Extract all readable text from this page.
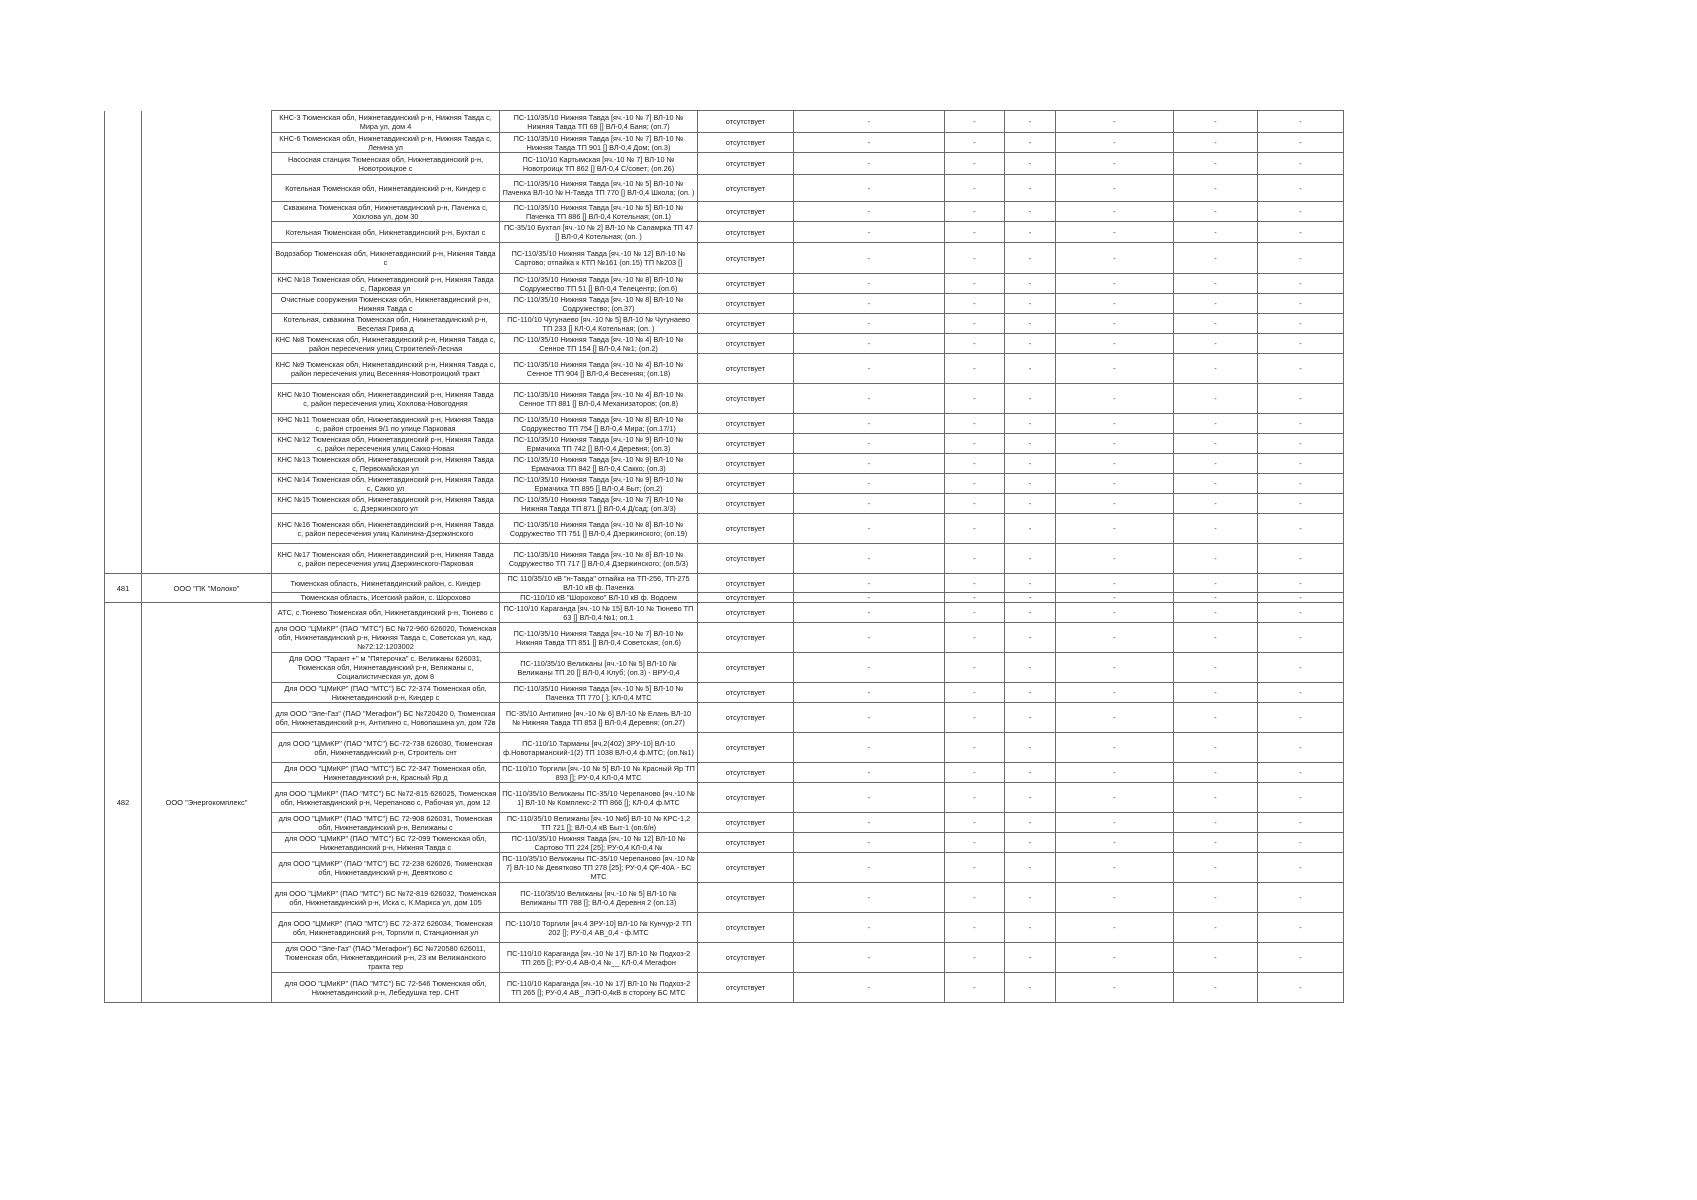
		КНС-3 Тюменская обл, Нижнетавдинский р-н, Нижняя Тавда с, Мира ул, дом 4	ПС-110/35/10 Нижняя Тавда [яч.-10 № 7] ВЛ-10 № Нижняя Тавда ТП 69 [] ВЛ-0,4 Баня; (оп.7)	отсутствует	-	-	-	-	-	-
		КНС-6 Тюменская обл, Нижнетавдинский р-н, Нижняя Тавда с, Ленина ул	ПС-110/35/10 Нижняя Тавда [яч.-10 № 7] ВЛ-10 № Нижняя Тавда ТП 901 [] ВЛ-0,4 Дом; (оп.3)	отсутствует	-	-	-	-	-	-
		Насосная станция Тюменская обл, Нижнетавдинский р-н, Новотроицкое с	ПС-110/10 Картымская [яч.-10 № 7] ВЛ-10 № Новотроицк ТП 862 [] ВЛ-0,4 С/совет; (оп.26)	отсутствует	-	-	-	-	-	-
		Котельная Тюменская обл, Нижнетавдинский р-н, Киндер с	ПС-110/35/10 Нижняя Тавда [яч.-10 № 5] ВЛ-10 № Паченка ВЛ-10 № Н-Тавда ТП 770 [] ВЛ-0,4 Школа; (оп. )	отсутствует	-	-	-	-	-	-
		Скважина Тюменская обл, Нижнетавдинский р-н, Паченка с, Хохлова ул, дом 30	ПС-110/35/10 Нижняя Тавда [яч.-10 № 5] ВЛ-10 № Паченка ТП 886 [] ВЛ-0,4 Котельная; (оп.1)	отсутствует	-	-	-	-	-	-
		Котельная Тюменская обл, Нижнетавдинский р-н, Бухтал с	ПС-35/10 Бухтал [яч.-10 № 2] ВЛ-10 № Саламрка ТП 47 [] ВЛ-0,4 Котельная; (оп. )	отсутствует	-	-	-	-	-	-
		Водозабор Тюменская обл, Нижнетавдинский р-н, Нижняя Тавда с	ПС-110/35/10 Нижняя Тавда [яч.-10 № 12] ВЛ-10 № Сартово; отпайка к КТП №161 (оп.15) ТП №203 []	отсутствует	-	-	-	-	-	-
		КНС №18 Тюменская обл, Нижнетавдинский р-н, Нижняя Тавда с, Парковая ул	ПС-110/35/10 Нижняя Тавда [яч.-10 № 8] ВЛ-10 № Содружество ТП 51 [] ВЛ-0,4 Телецентр; (оп.6)	отсутствует	-	-	-	-	-	-
		Очистные сооружения Тюменская обл, Нижнетавдинский р-н, Нижняя Тавда с	ПС-110/35/10 Нижняя Тавда [яч.-10 № 8] ВЛ-10 № Содружество; (оп.37)	отсутствует	-	-	-	-	-	-
		Котельная, скважина Тюменская обл, Нижнетавдинский р-н, Веселая Грива д	ПС-110/10 Чугунаево [яч.-10 № 5] ВЛ-10 № Чугунаево ТП 233 [] КЛ-0,4 Котельная; (оп. )	отсутствует	-	-	-	-	-	-
		КНС №8 Тюменская обл, Нижнетавдинский р-н, Нижняя Тавда с, район пересечения улиц Строителей-Лесная	ПС-110/35/10 Нижняя Тавда [яч.-10 № 4] ВЛ-10 № Сенное ТП 154 [] ВЛ-0,4 №1; (оп.2)	отсутствует	-	-	-	-	-	-
		КНС №9 Тюменская обл, Нижнетавдинский р-н, Нижняя Тавда с, район пересечения улиц Весенняя-Новотроицкий тракт	ПС-110/35/10 Нижняя Тавда [яч.-10 № 4] ВЛ-10 № Сенное ТП 904 [] ВЛ-0,4 Весенняя; (оп.18)	отсутствует	-	-	-	-	-	-
		КНС №10 Тюменская обл, Нижнетавдинский р-н, Нижняя Тавда с, район пересечения улиц Хохлова-Новогодняя	ПС-110/35/10 Нижняя Тавда [яч.-10 № 4] ВЛ-10 № Сенное ТП 881 [] ВЛ-0,4 Механизаторов; (оп.8)	отсутствует	-	-	-	-	-	-
		КНС №11 Тюменская обл, Нижнетавдинский р-н, Нижняя Тавда с, район строения 9/1 по улице Парковая	ПС-110/35/10 Нижняя Тавда [яч.-10 № 8] ВЛ-10 № Содружество ТП 754 [] ВЛ-0,4 Мира; (оп.17/1)	отсутствует	-	-	-	-	-	-
		КНС №12 Тюменская обл, Нижнетавдинский р-н, Нижняя Тавда с, район пересечения улиц Сакко-Новая	ПС-110/35/10 Нижняя Тавда [яч.-10 № 9] ВЛ-10 № Ермачиха ТП 742 [] ВЛ-0,4 Деревня; (оп.3)	отсутствует	-	-	-	-	-	-
		КНС №13 Тюменская обл, Нижнетавдинский р-н, Нижняя Тавда с, Первомайская ул	ПС-110/35/10 Нижняя Тавда [яч.-10 № 9] ВЛ-10 № Ермачиха ТП 842 [] ВЛ-0,4 Сакко; (оп.3)	отсутствует	-	-	-	-	-	-
		КНС №14 Тюменская обл, Нижнетавдинский р-н, Нижняя Тавда с, Сакко ул	ПС-110/35/10 Нижняя Тавда [яч.-10 № 9] ВЛ-10 № Ермачиха ТП 895 [] ВЛ-0,4 Быт; (оп.2)	отсутствует	-	-	-	-	-	-
		КНС №15 Тюменская обл, Нижнетавдинский р-н, Нижняя Тавда с, Дзержинского ул	ПС-110/35/10 Нижняя Тавда [яч.-10 № 7] ВЛ-10 № Нижняя Тавда ТП 871 [] ВЛ-0,4 Д/сад; (оп.3/3)	отсутствует	-	-	-	-	-	-
		КНС №16 Тюменская обл, Нижнетавдинский р-н, Нижняя Тавда с, район пересечения улиц Калинина-Дзержинского	ПС-110/35/10 Нижняя Тавда [яч.-10 № 8] ВЛ-10 № Содружество ТП 751 [] ВЛ-0,4 Дзержинского; (оп.19)	отсутствует	-	-	-	-	-	-
		КНС №17 Тюменская обл, Нижнетавдинский р-н, Нижняя Тавда с, район пересечения улиц Дзержинского-Парковая	ПС-110/35/10 Нижняя Тавда [яч.-10 № 8] ВЛ-10 № Содружество ТП 717 [] ВЛ-0,4 Дзержинского; (оп.5/3)	отсутствует	-	-	-	-	-	-
481	ООО "ПК "Молоко"	Тюменская область, Нижнетавдинский район, с. Киндер	ПС 110/35/10 кВ "н-Тавда" отпайка на ТП-256, ТП-275 ВЛ-10 кВ ф. Паченка	отсутствует	-	-	-	-	-	-
		Тюменская область, Исетский район, с. Шорохово	ПС-110/10 кВ "Шорохово" ВЛ-10 кВ ф. Водоем	отсутствует	-	-	-	-	-	-
482	ООО "Энергокомплекс"	АТС, с.Тюнево Тюменская обл, Нижнетавдинский р-н, Тюнево с	ПС-110/10 Караганда [яч.-10 № 15] ВЛ-10 № Тюнево ТП 63 [] ВЛ-0,4 №1; оп.1	отсутствует	-	-	-	-	-	-
		для ООО "ЦМиКР" (ПАО "МТС") БС №72-960 626020, Тюменская обл, Нижнетавдинский р-н, Нижняя Тавда с, Советская ул, кад.№72:12:1203002	ПС-110/35/10 Нижняя Тавда [яч.-10 № 7] ВЛ-10 № Нижняя Тавда ТП 851 [] ВЛ-0,4 Советская; (оп.6)	отсутствует	-	-	-	-	-	-
		Для ООО "Тарант +" м "Пятерочка" с. Велижаны 626031, Тюменская обл, Нижнетавдинский р-н, Велижаны с, Социалистическая ул, дом 8	ПС-110/35/10 Велижаны [яч.-10 № 5] ВЛ-10 № Велижаны ТП 20 [] ВЛ-0,4 Клуб; (оп.3) - ВРУ-0,4	отсутствует	-	-	-	-	-	-
		Для ООО "ЦМиКР" (ПАО "МТС") БС 72-374 Тюменская обл, Нижнетавдинский р-н, Киндер с	ПС-110/35/10 Нижняя Тавда [яч.-10 № 5] ВЛ-10 № Паченка ТП 770 [ ]; КЛ-0,4 МТС	отсутствует	-	-	-	-	-	-
		для ООО "Эле-Газ" (ПАО "Мегафон") БС №720420 0, Тюменская обл, Нижнетавдинский р-н, Антипино с, Новопашина ул, дом 72в	ПС-35/10 Антипино [яч.-10 № 6] ВЛ-10 № Елань ВЛ-10 № Нижняя Тавда ТП 853 [] ВЛ-0,4 Деревня; (оп.27)	отсутствует	-	-	-	-	-	-
		для ООО "ЦМиКР" (ПАО "МТС") БС-72-738 626030, Тюменская обл, Нижнетавдинский р-н, Строитель снт	ПС-110/10 Тарманы [яч.2(402) ЗРУ-10] ВЛ-10 ф.Новотарманский-1(2) ТП 1038 ВЛ-0,4 ф.МТС; (оп.№1)	отсутствует	-	-	-	-	-	-
		Для ООО "ЦМиКР" (ПАО "МТС") БС 72-347 Тюменская обл, Нижнетавдинский р-н, Красный Яр д	ПС-110/10 Торгили [яч.-10 № 5] ВЛ-10 № Красный Яр ТП 893 []; РУ-0,4 КЛ-0,4 МТС	отсутствует	-	-	-	-	-	-
		для ООО "ЦМиКР" (ПАО "МТС") БС №72-815 626025, Тюменская обл, Нижнетавдинский р-н, Черепаново с, Рабочая ул, дом 12	ПС-110/35/10 Велижаны ПС-35/10 Черепаново [яч.-10 № 1] ВЛ-10 № Комплекс-2 ТП 866 []; КЛ-0,4 ф.МТС	отсутствует	-	-	-	-	-	-
		для ООО "ЦМиКР" (ПАО "МТС") БС 72-908 626031, Тюменская обл, Нижнетавдинский р-н, Велижаны с	ПС-110/35/10 Велижаны [яч.-10 №6] ВЛ-10 № КРС-1,2 ТП 721 []; ВЛ-0,4 кВ Быт-1 (оп.6/н)	отсутствует	-	-	-	-	-	-
		для ООО "ЦМиКР" (ПАО "МТС") БС 72-099 Тюменская обл, Нижнетавдинский р-н, Нижняя Тавда с	ПС-110/35/10 Нижняя Тавда [яч.-10 № 12] ВЛ-10 № Сартово ТП 224 [25]; РУ-0,4 КЛ-0,4 №	отсутствует	-	-	-	-	-	-
		для ООО "ЦМиКР" (ПАО "МТС") БС 72-238 626026, Тюменская обл, Нижнетавдинский р-н, Девятково с	ПС-110/35/10 Велижаны ПС-35/10 Черепаново [яч.-10 № 7] ВЛ-10 № Девятково ТП 278 [25]; РУ-0,4 QF-40А - БС МТС	отсутствует	-	-	-	-	-	-
		для ООО "ЦМиКР" (ПАО "МТС") БС №72-819 626032, Тюменская обл, Нижнетавдинский р-н, Иска с, К.Маркса ул, дом 105	ПС-110/35/10 Велижаны [яч.-10 № 5] ВЛ-10 № Велижаны ТП 788 []; ВЛ-0,4 Деревня 2 (оп.13)	отсутствует	-	-	-	-	-	-
		Для ООО "ЦМиКР" (ПАО "МТС") БС 72-372 626034, Тюменская обл, Нижнетавдинский р-н, Торгили п, Станционная ул	ПС-110/10 Торгили [яч.4 ЗРУ-10] ВЛ-10 № Кунчур-2 ТП 202 []; РУ-0,4 АВ_0,4 - ф.МТС	отсутствует	-	-	-	-	-	-
		для ООО "Эле-Газ" (ПАО "Мегафон") БС №720580 626011, Тюменская обл, Нижнетавдинский р-н, 23 км Велижанского тракта тер	ПС-110/10 Караганда [яч.-10 № 17] ВЛ-10 № Подхоз-2 ТП 265 []; РУ-0,4 АВ-0,4 №__ КЛ-0,4 Мегафон	отсутствует	-	-	-	-	-	-
		для ООО "ЦМиКР" (ПАО "МТС") БС 72-546 Тюменская обл, Нижнетавдинский р-н, Лебедушка тер. СНТ	ПС-110/10 Караганда [яч.-10 № 17] ВЛ-10 № Подхоз-2 ТП 265 []; РУ-0,4 АВ_ ЛЭП-0,4кВ в сторону БС МТС	отсутствует	-	-	-	-	-	-
